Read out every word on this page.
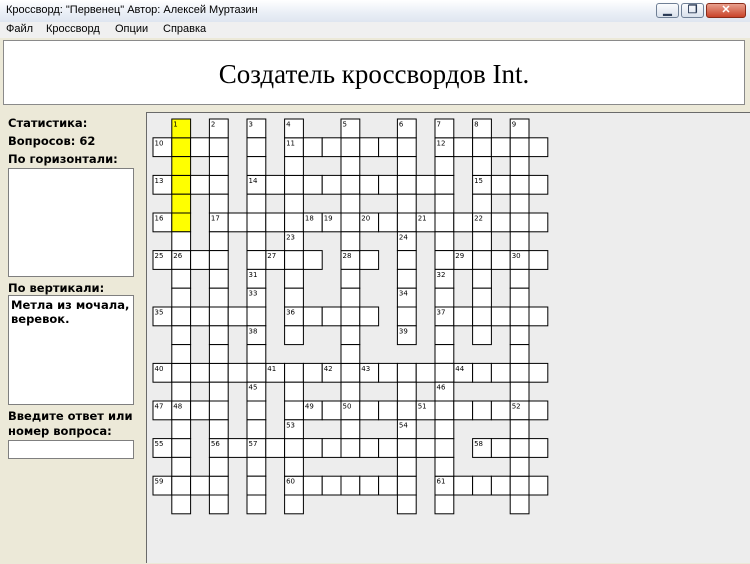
Кроссворд: "Первенец" Автор: Алексей Муртазин	▁	❐	✕
Файл Кроссворд Опции Справка
Создатель кроссвордов Int.
Статистика:
Вопросов: 62
По горизонтали:
По вертикали:
Метла из мочала, веревок.
Введите ответ или
номер вопроса:
1	2	3	4	5	6	7	8	9
10	11	12
13	14	15
16	17	18 19	20	21	22
23	24
25 26	27	28	29	30
31	32
33	34
35	36	37
38	39
40	41	42	43	44
45	46
47 48	49	50	51	52
53	54
55	56	57	58
59	60	61
